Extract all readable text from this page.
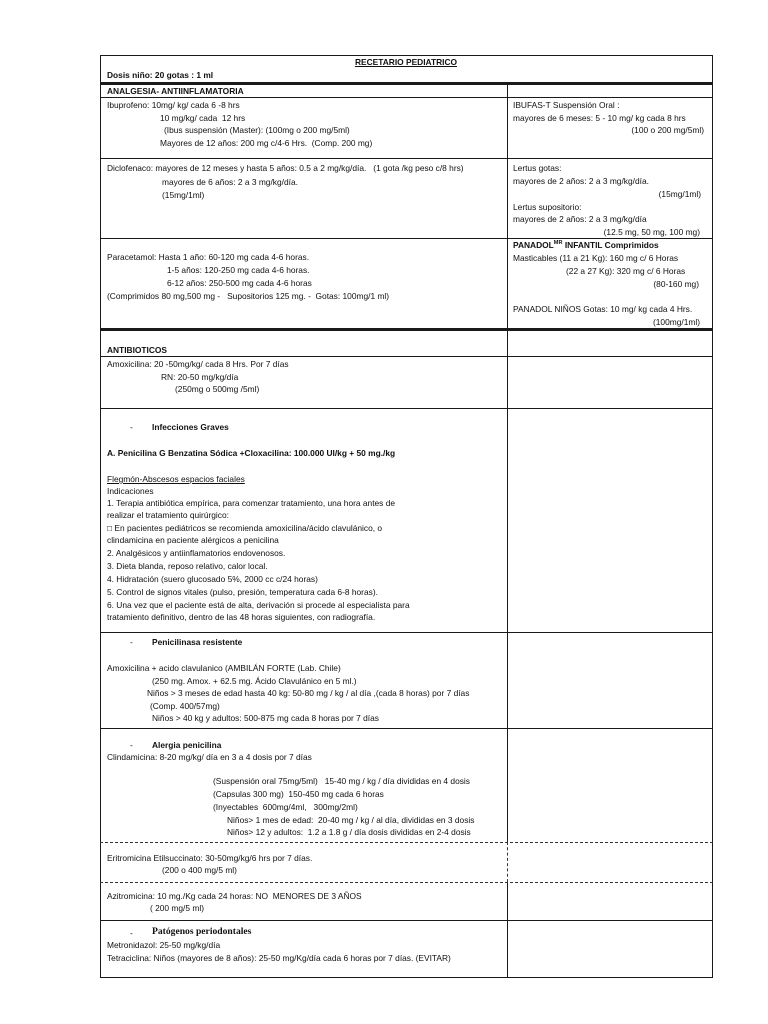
RECETARIO PEDIATRICO
Dosis niño: 20 gotas : 1 ml
ANALGESIA- ANTIINFLAMATORIA
Ibuprofeno: 10mg/ kg/ cada 6 -8 hrs
10 mg/kg/ cada  12 hrs
(Ibus suspensión (Master): (100mg o 200 mg/5ml)
Mayores de 12 años: 200 mg c/4-6 Hrs.  (Comp. 200 mg)
IBUFAS-T Suspensión Oral :
mayores de 6 meses: 5 - 10 mg/ kg cada 8 hrs
(100 o 200 mg/5ml)
Diclofenaco: mayores de 12 meses y hasta 5 años: 0.5 a 2 mg/kg/día.   (1 gota /kg peso c/8 hrs)
mayores de 6 años: 2 a 3 mg/kg/día.
(15mg/1ml)
Lertus gotas:
mayores de 2 años: 2 a 3 mg/kg/día.
(15mg/1ml)
Lertus supositorio:
mayores de 2 años: 2 a 3 mg/kg/día
(12.5 mg, 50 mg, 100 mg)
$PANADOL^{MR}$ INFANTIL Comprimidos
Masticables (11 a 21 Kg): 160 mg c/ 6 Horas
(22 a 27 Kg): 320 mg c/ 6 Horas
(80-160 mg)
PANADOL NIÑOS Gotas: 10 mg/ kg cada 4 Hrs.
(100mg/1ml)
Paracetamol: Hasta 1 año: 60-120 mg cada 4-6 horas.
1-5 años: 120-250 mg cada 4-6 horas.
6-12 años: 250-500 mg cada 4-6 horas
(Comprimidos 80 mg,500 mg -   Supositorios 125 mg. -  Gotas: 100mg/1 ml)
ANTIBIOTICOS
Amoxicilina: 20 -50mg/kg/ cada 8 Hrs. Por 7 días
RN: 20-50 mg/kg/día
(250mg o 500mg /5ml)
- Infecciones Graves
A. Penicilina G Benzatina Sódica +Cloxacilina: 100.000 UI/kg + 50 mg./kg
Flegmón-Abscesos espacios faciales
Indicaciones
1. Terapia antibiótica empírica, para comenzar tratamiento, una hora antes de
realizar el tratamiento quirúrgico:
□ En pacientes pediátricos se recomienda amoxicilina/ácido clavulánico, o
clindamicina en paciente alérgicos a penicilina
2. Analgésicos y antiinflamatorios endovenosos.
3. Dieta blanda, reposo relativo, calor local.
4. Hidratación (suero glucosado 5%, 2000 cc c/24 horas)
5. Control de signos vitales (pulso, presión, temperatura cada 6-8 horas).
6. Una vez que el paciente está de alta, derivación si procede al especialista para
tratamiento definitivo, dentro de las 48 horas siguientes, con radiografía.
- Penicilinasa resistente
Amoxicilina + acido clavulanico (AMBILÁN FORTE (Lab. Chile)
(250 mg. Amox. + 62.5 mg. Ácido Clavulánico en 5 ml.)
Niños > 3 meses de edad hasta 40 kg: 50-80 mg / kg / al día ,(cada 8 horas) por 7 días
(Comp. 400/57mg)
Niños > 40 kg y adultos: 500-875 mg cada 8 horas por 7 días
- Alergia penicilina
Clindamicina: 8-20 mg/kg/ día en 3 a 4 dosis por 7 días
(Suspensión oral 75mg/5ml)   15-40 mg / kg / día divididas en 4 dosis
(Capsulas 300 mg)  150-450 mg cada 6 horas
(Inyectables  600mg/4ml,   300mg/2ml)
Niños> 1 mes de edad:  20-40 mg / kg / al día, divididas en 3 dosis
Niños> 12 y adultos:  1.2 a 1.8 g / día dosis divididas en 2-4 dosis
Eritromicina Etilsuccinato: 30-50mg/kg/6 hrs por 7 días.
(200 o 400 mg/5 ml)
Azitromicina: 10 mg./Kg cada 24 horas: NO  MENORES DE 3 AÑOS
( 200 mg/5 ml)
- Patógenos periodontales
Metronidazol: 25-50 mg/kg/día
Tetraciclina: Niños (mayores de 8 años): 25-50 mg/Kg/día cada 6 horas por 7 días. (EVITAR)
